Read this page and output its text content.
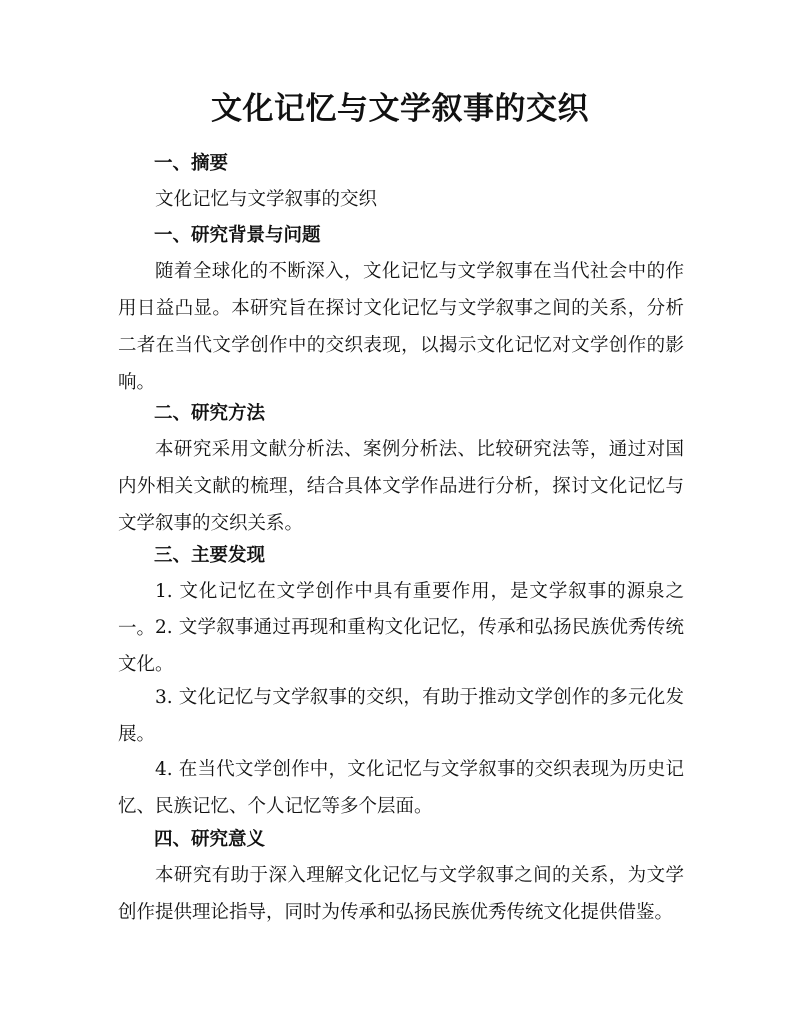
文化记忆与文学叙事的交织

一、摘要

文化记忆与文学叙事的交织

一、研究背景与问题

随着全球化的不断深入，文化记忆与文学叙事在当代社会中的作用日益凸显。本研究旨在探讨文化记忆与文学叙事之间的关系，分析二者在当代文学创作中的交织表现，以揭示文化记忆对文学创作的影响。

二、研究方法

本研究采用文献分析法、案例分析法、比较研究法等，通过对国内外相关文献的梳理，结合具体文学作品进行分析，探讨文化记忆与文学叙事的交织关系。

三、主要发现

1. 文化记忆在文学创作中具有重要作用，是文学叙事的源泉之一。 2. 文学叙事通过再现和重构文化记忆，传承和弘扬民族优秀传统文化。

3. 文化记忆与文学叙事的交织，有助于推动文学创作的多元化发展。

4. 在当代文学创作中，文化记忆与文学叙事的交织表现为历史记忆、民族记忆、个人记忆等多个层面。

四、研究意义

本研究有助于深入理解文化记忆与文学叙事之间的关系，为文学创作提供理论指导，同时为传承和弘扬民族优秀传统文化提供借鉴。
